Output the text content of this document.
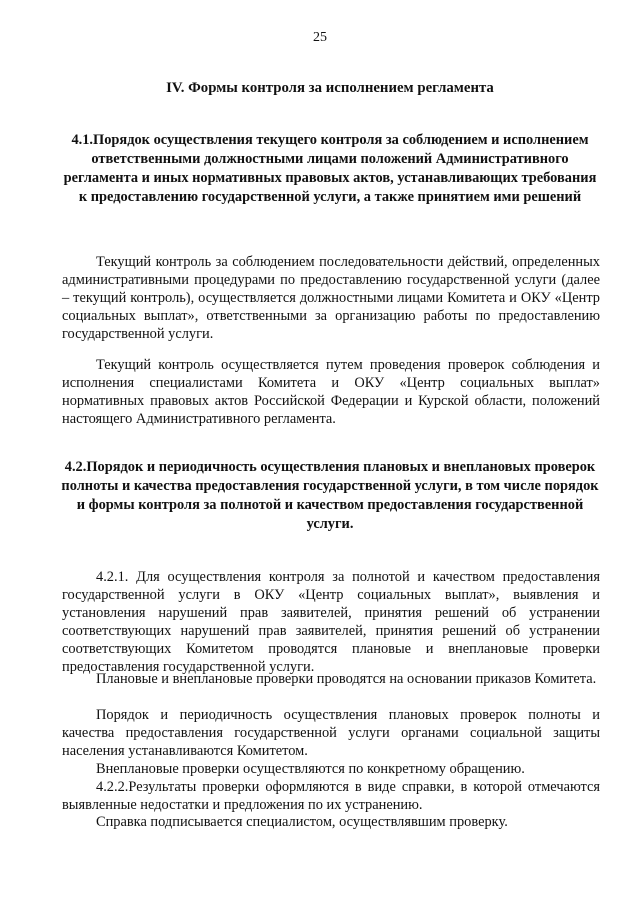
25
IV. Формы контроля за исполнением регламента
4.1.Порядок осуществления текущего контроля за соблюдением и исполнением ответственными должностными лицами положений Административного регламента и иных нормативных правовых актов, устанавливающих требования к предоставлению государственной услуги, а также принятием ими решений

Текущий контроль за соблюдением последовательности действий, определенных административными процедурами по предоставлению государственной услуги (далее – текущий контроль), осуществляется должностными лицами Комитета и ОКУ «Центр социальных выплат», ответственными за организацию работы по предоставлению государственной услуги.

Текущий контроль осуществляется путем проведения проверок соблюдения и исполнения специалистами Комитета и ОКУ «Центр социальных выплат» нормативных правовых актов Российской Федерации и Курской области, положений настоящего Административного регламента.

4.2.Порядок и периодичность осуществления плановых и внеплановых проверок полноты и качества предоставления государственной услуги, в том числе порядок и формы контроля за полнотой и качеством предоставления государственной услуги.

4.2.1. Для осуществления контроля за полнотой и качеством предоставления государственной услуги в ОКУ «Центр социальных выплат», выявления и установления нарушений прав заявителей, принятия решений об устранении соответствующих нарушений прав заявителей, принятия решений об устранении соответствующих Комитетом проводятся плановые и внеплановые проверки предоставления государственной услуги.

Плановые и внеплановые проверки проводятся на основании приказов Комитета.

Порядок и периодичность осуществления плановых проверок полноты и качества предоставления государственной услуги органами социальной защиты населения устанавливаются Комитетом.

Внеплановые проверки осуществляются по конкретному обращению.

4.2.2.Результаты проверки оформляются в виде справки, в которой отмечаются выявленные недостатки и предложения по их устранению.

Справка подписывается специалистом, осуществлявшим проверку.
